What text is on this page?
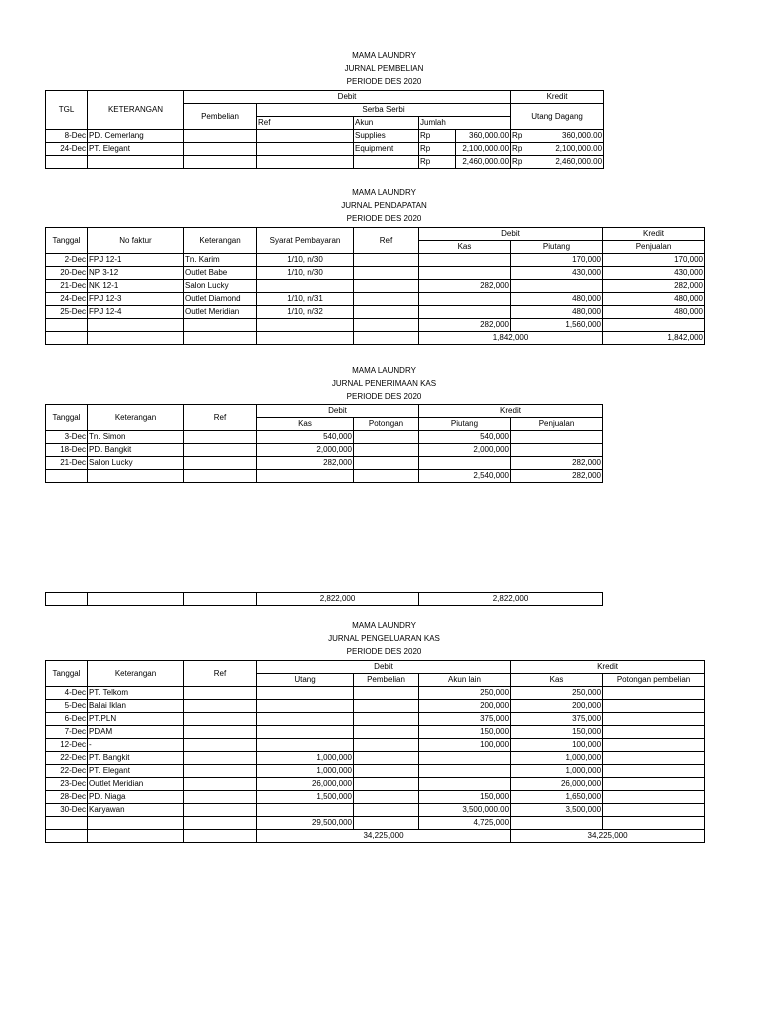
MAMA LAUNDRY
JURNAL PEMBELIAN
PERIODE DES 2020
TGL	KETERANGAN	Debit					Kredit
		Pembelian	Serba Serbi				Utang Dagang
			Ref	Akun	Jumlah		
8-Dec	PD. Cemerlang			Supplies	Rp	360,000.00	Rp 360,000.00

24-Dec	PT. Elegant			Equipment	Rp	2,100,000.00	Rp 2,100,000.00

					Rp	2,460,000.00	Rp 2,460,000.00
MAMA LAUNDRY
JURNAL PENDAPATAN
PERIODE DES 2020
Tanggal	No faktur	Keterangan	Syarat Pembayaran	Ref	Debit		Kredit
					Kas	Piutang	Penjualan
2-Dec	FPJ 12-1	Tn. Karim	1/10, n/30			170,000	170,000
20-Dec	NP 3-12	Outlet Babe	1/10, n/30			430,000	430,000
21-Dec	NK 12-1	Salon Lucky			282,000		282,000
24-Dec	FPJ 12-3	Outlet Diamond	1/10, n/31			480,000	480,000
25-Dec	FPJ 12-4	Outlet Meridian	1/10, n/32			480,000	480,000
					282,000	1,560,000	
					1,842,000		1,842,000
MAMA LAUNDRY
JURNAL PENERIMAAN KAS
PERIODE DES 2020
Tanggal	Keterangan	Ref	Debit		Kredit	
			Kas	Potongan	Piutang	Penjualan
3-Dec	Tn. Simon		540,000		540,000	
18-Dec	PD. Bangkit		2,000,000		2,000,000	
21-Dec	Salon Lucky		282,000			282,000
					2,540,000	282,000
			2,822,000	2,822,000
MAMA LAUNDRY
JURNAL PENGELUARAN KAS
PERIODE DES 2020
Tanggal	Keterangan	Ref	Debit			Kredit	
			Utang	Pembelian	Akun lain	Kas	Potongan pembelian
4-Dec	PT. Telkom				250,000	250,000	
5-Dec	Balai Iklan				200,000	200,000	
6-Dec	PT.PLN				375,000	375,000	
7-Dec	PDAM				150,000	150,000	
12-Dec	-				100,000	100,000	
22-Dec	PT. Bangkit		1,000,000			1,000,000	
22-Dec	PT. Elegant		1,000,000			1,000,000	
23-Dec	Outlet Meridian		26,000,000			26,000,000	
28-Dec	PD. Niaga		1,500,000		150,000	1,650,000	
30-Dec	Karyawan				3,500,000.00	3,500,000	
			29,500,000		4,725,000		
			34,225,000			34,225,000	
